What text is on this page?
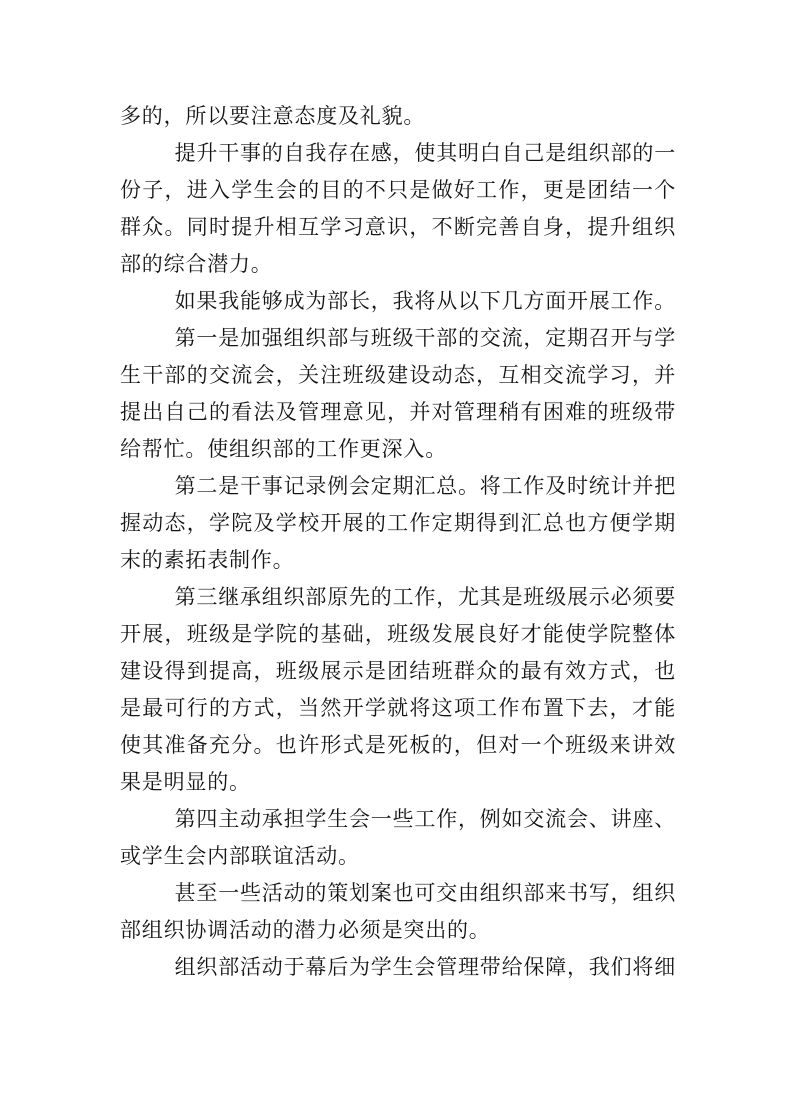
多的，所以要注意态度及礼貌。

提升干事的自我存在感，使其明白自己是组织部的一份子，进入学生会的目的不只是做好工作，更是团结一个群众。同时提升相互学习意识，不断完善自身，提升组织部的综合潜力。

如果我能够成为部长，我将从以下几方面开展工作。

第一是加强组织部与班级干部的交流，定期召开与学生干部的交流会，关注班级建设动态，互相交流学习，并提出自己的看法及管理意见，并对管理稍有困难的班级带给帮忙。使组织部的工作更深入。

第二是干事记录例会定期汇总。将工作及时统计并把握动态，学院及学校开展的工作定期得到汇总也方便学期末的素拓表制作。

第三继承组织部原先的工作，尤其是班级展示必须要开展，班级是学院的基础，班级发展良好才能使学院整体建设得到提高，班级展示是团结班群众的最有效方式，也是最可行的方式，当然开学就将这项工作布置下去，才能使其准备充分。也许形式是死板的，但对一个班级来讲效果是明显的。

第四主动承担学生会一些工作，例如交流会、讲座、或学生会内部联谊活动。

甚至一些活动的策划案也可交由组织部来书写，组织部组织协调活动的潜力必须是突出的。

组织部活动于幕后为学生会管理带给保障，我们将细
